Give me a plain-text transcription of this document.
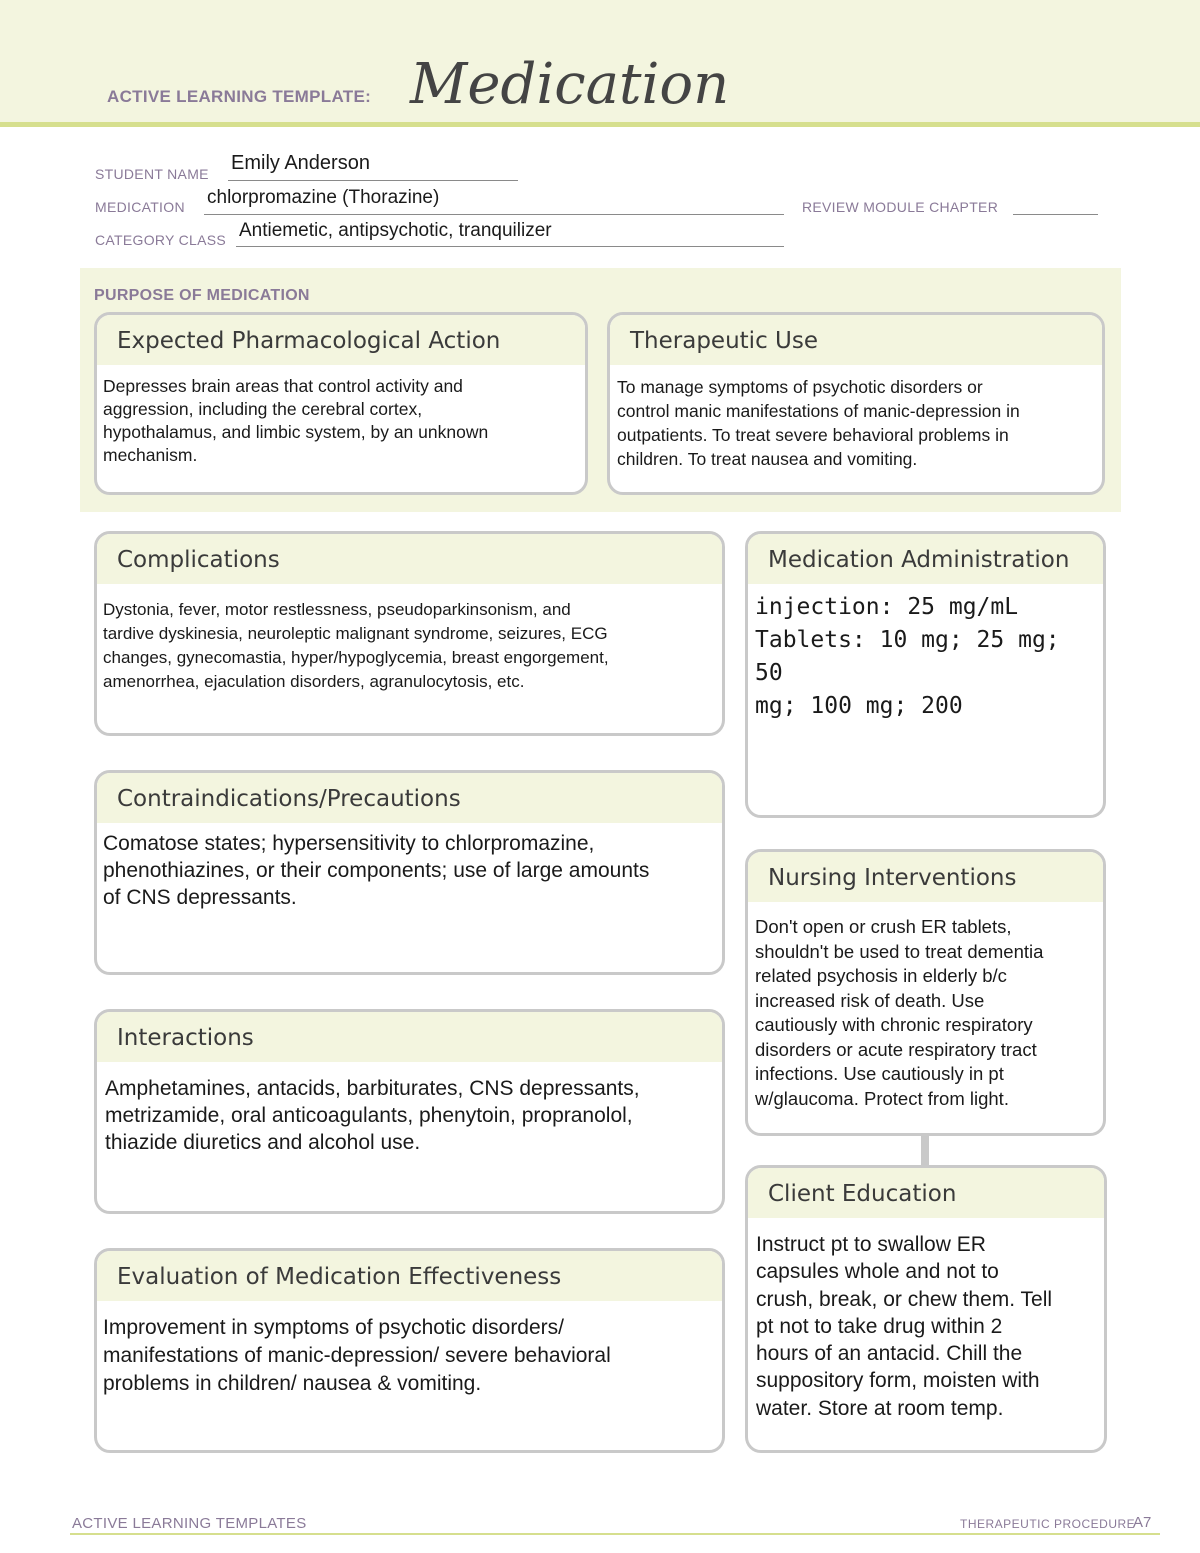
ACTIVE LEARNING TEMPLATE: Medication
STUDENT NAME Emily Anderson
MEDICATION chlorpromazine (Thorazine)	REVIEW MODULE CHAPTER
CATEGORY CLASS Antiemetic, antipsychotic, tranquilizer
PURPOSE OF MEDICATION
Expected Pharmacological Action
Depresses brain areas that control activity and
aggression, including the cerebral cortex,
hypothalamus, and limbic system, by an unknown
mechanism.
Therapeutic Use
To manage symptoms of psychotic disorders or
control manic manifestations of manic-depression in
outpatients. To treat severe behavioral problems in
children. To treat nausea and vomiting.
Complications
Dystonia, fever, motor restlessness, pseudoparkinsonism, and
tardive dyskinesia, neuroleptic malignant syndrome, seizures, ECG
changes, gynecomastia, hyper/hypoglycemia, breast engorgement,
amenorrhea, ejaculation disorders, agranulocytosis, etc.
Contraindications/Precautions
Comatose states; hypersensitivity to chlorpromazine,
phenothiazines, or their components; use of large amounts
of CNS depressants.
Interactions
Amphetamines, antacids, barbiturates, CNS depressants,
metrizamide, oral anticoagulants, phenytoin, propranolol,
thiazide diuretics and alcohol use.
Evaluation of Medication Effectiveness
Improvement in symptoms of psychotic disorders/
manifestations of manic-depression/ severe behavioral
problems in children/ nausea & vomiting.
Medication Administration
injection: 25 mg/mL
Tablets: 10 mg; 25 mg; 50
mg; 100 mg; 200
Nursing Interventions
Don't open or crush ER tablets,
shouldn't be used to treat dementia
related psychosis in elderly b/c
increased risk of death. Use
cautiously with chronic respiratory
disorders or acute respiratory tract
infections. Use cautiously in pt
w/glaucoma. Protect from light.
Client Education
Instruct pt to swallow ER
capsules whole and not to
crush, break, or chew them. Tell
pt not to take drug within 2
hours of an antacid. Chill the
suppository form, moisten with
water. Store at room temp.
ACTIVE LEARNING TEMPLATES	THERAPEUTIC PROCEDURE
A7
